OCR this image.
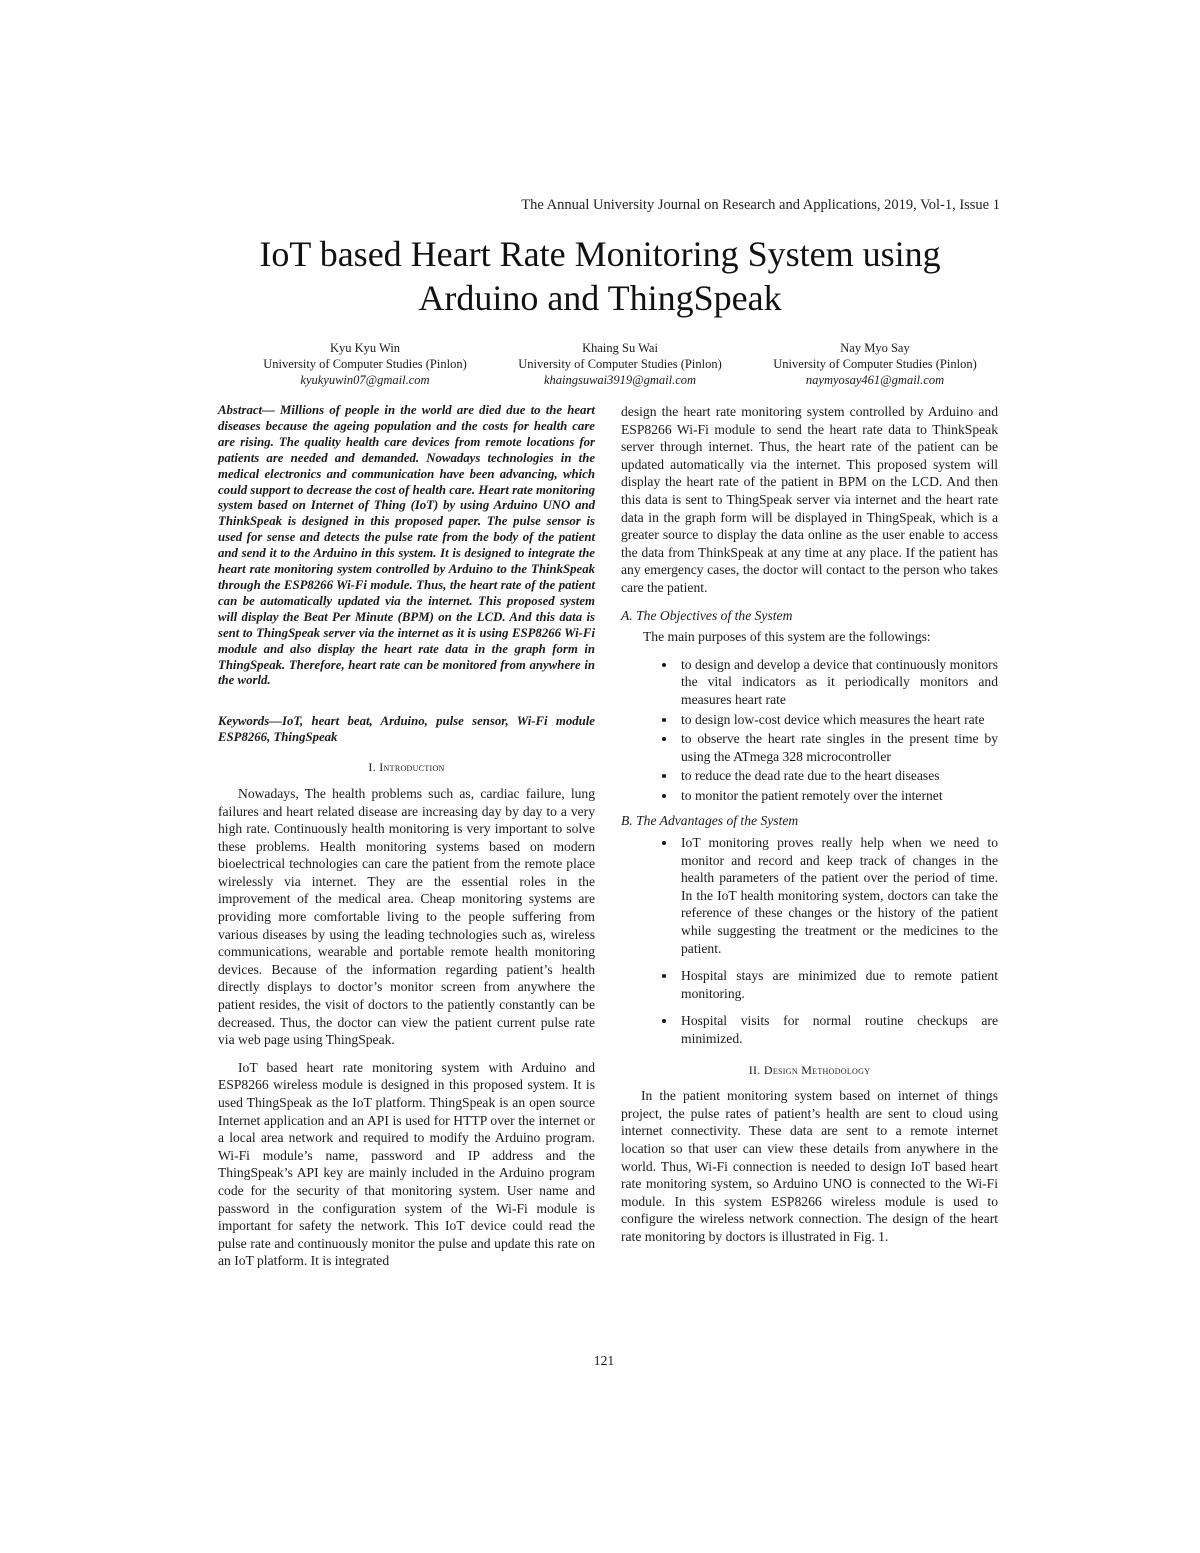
The Annual University Journal on Research and Applications, 2019, Vol-1, Issue 1
IoT based Heart Rate Monitoring System using
Arduino and ThingSpeak
Kyu Kyu Win
University of Computer Studies (Pinlon)
kyukyuwin07@gmail.com
Khaing Su Wai
University of Computer Studies (Pinlon)
khaingsuwai3919@gmail.com
Nay Myo Say
University of Computer Studies (Pinlon)
naymyosay461@gmail.com

Abstract— Millions of people in the world are died due to the heart diseases because the ageing population and the costs for health care are rising. The quality health care devices from remote locations for patients are needed and demanded. Nowadays technologies in the medical electronics and communication have been advancing, which could support to decrease the cost of health care. Heart rate monitoring system based on Internet of Thing (IoT) by using Arduino UNO and ThinkSpeak is designed in this proposed paper. The pulse sensor is used for sense and detects the pulse rate from the body of the patient and send it to the Arduino in this system. It is designed to integrate the heart rate monitoring system controlled by Arduino to the ThinkSpeak through the ESP8266 Wi-Fi module. Thus, the heart rate of the patient can be automatically updated via the internet. This proposed system will display the Beat Per Minute (BPM) on the LCD. And this data is sent to ThingSpeak server via the internet as it is using ESP8266 Wi-Fi module and also display the heart rate data in the graph form in ThingSpeak. Therefore, heart rate can be monitored from anywhere in the world.

Keywords—IoT, heart beat, Arduino, pulse sensor, Wi-Fi module ESP8266, ThingSpeak

I. Introduction

Nowadays, The health problems such as, cardiac failure, lung failures and heart related disease are increasing day by day to a very high rate. Continuously health monitoring is very important to solve these problems. Health monitoring systems based on modern bioelectrical technologies can care the patient from the remote place wirelessly via internet. They are the essential roles in the improvement of the medical area. Cheap monitoring systems are providing more comfortable living to the people suffering from various diseases by using the leading technologies such as, wireless communications, wearable and portable remote health monitoring devices. Because of the information regarding patient’s health directly displays to doctor’s monitor screen from anywhere the patient resides, the visit of doctors to the patiently constantly can be decreased. Thus, the doctor can view the patient current pulse rate via web page using ThingSpeak.

IoT based heart rate monitoring system with Arduino and ESP8266 wireless module is designed in this proposed system. It is used ThingSpeak as the IoT platform. ThingSpeak is an open source Internet application and an API is used for HTTP over the internet or a local area network and required to modify the Arduino program. Wi-Fi module’s name, password and IP address and the ThingSpeak’s API key are mainly included in the Arduino program code for the security of that monitoring system. User name and password in the configuration system of the Wi-Fi module is important for safety the network. This IoT device could read the pulse rate and continuously monitor the pulse and update this rate on an IoT platform. It is integrated

design the heart rate monitoring system controlled by Arduino and ESP8266 Wi-Fi module to send the heart rate data to ThinkSpeak server through internet. Thus, the heart rate of the patient can be updated automatically via the internet. This proposed system will display the heart rate of the patient in BPM on the LCD. And then this data is sent to ThingSpeak server via internet and the heart rate data in the graph form will be displayed in ThingSpeak, which is a greater source to display the data online as the user enable to access the data from ThinkSpeak at any time at any place. If the patient has any emergency cases, the doctor will contact to the person who takes care the patient.

A. The Objectives of the System
The main purposes of this system are the followings:
• to design and develop a device that continuously monitors the vital indicators as it periodically monitors and measures heart rate
• to design low-cost device which measures the heart rate
• to observe the heart rate singles in the present time by using the ATmega 328 microcontroller
• to reduce the dead rate due to the heart diseases
• to monitor the patient remotely over the internet
B. The Advantages of the System
• IoT monitoring proves really help when we need to monitor and record and keep track of changes in the health parameters of the patient over the period of time. In the IoT health monitoring system, doctors can take the reference of these changes or the history of the patient while suggesting the treatment or the medicines to the patient.
• Hospital stays are minimized due to remote patient monitoring.
• Hospital visits for normal routine checkups are minimized.
II. Design Methodology

In the patient monitoring system based on internet of things project, the pulse rates of patient’s health are sent to cloud using internet connectivity. These data are sent to a remote internet location so that user can view these details from anywhere in the world. Thus, Wi-Fi connection is needed to design IoT based heart rate monitoring system, so Arduino UNO is connected to the Wi-Fi module. In this system ESP8266 wireless module is used to configure the wireless network connection. The design of the heart rate monitoring by doctors is illustrated in Fig. 1.

121
